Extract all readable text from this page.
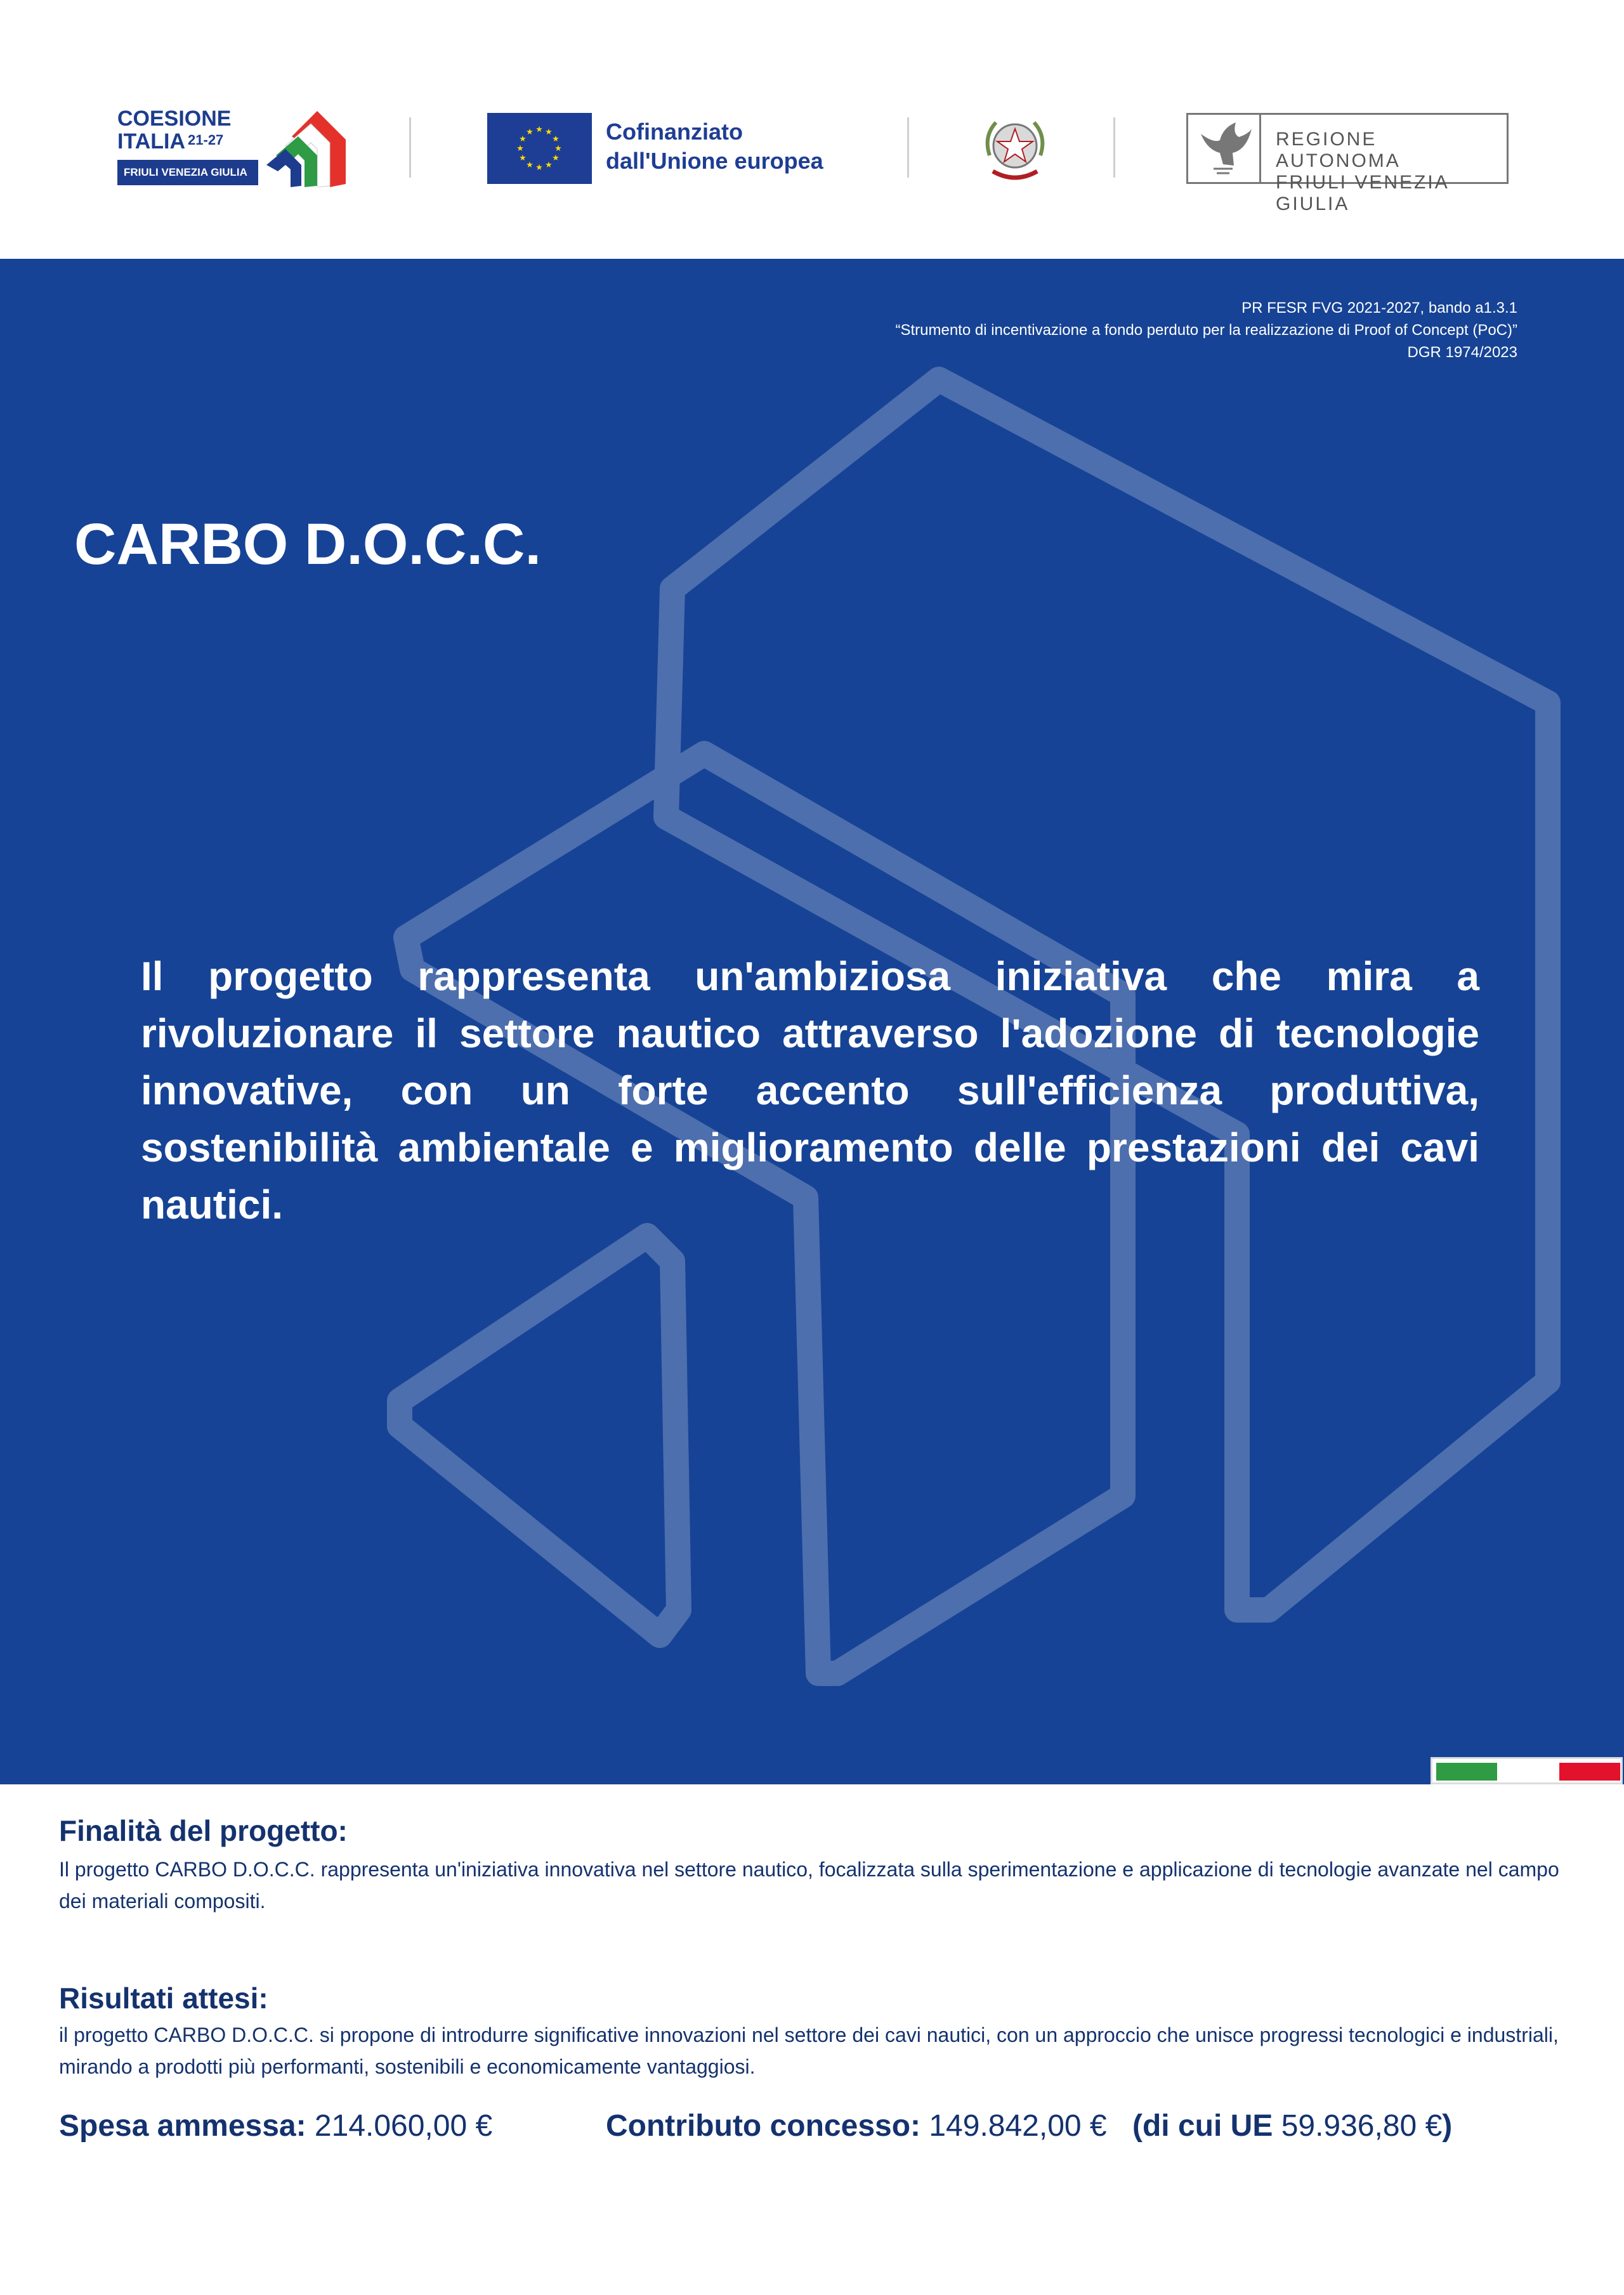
COESIONE
ITALIA 21-27
FRIULI VENEZIA GIULIA
★ ★
★
★
★
★
★
★
★
★
★
★	Cofinanziato
dall'Unione europea
REGIONE AUTONOMA
FRIULI VENEZIA GIULIA
PR FESR FVG 2021-2027, bando a1.3.1
“Strumento di incentivazione a fondo perduto per la realizzazione di Proof of Concept (PoC)”
DGR 1974/2023
CARBO D.O.C.C.

Il progetto rappresenta un'ambiziosa iniziativa che mira a rivoluzionare il settore nautico attraverso l'adozione di tecnologie innovative, con un forte accento sull'efficienza produttiva, sostenibilità ambientale e miglioramento delle prestazioni dei cavi nautici.

Finalità del progetto:

Il progetto CARBO D.O.C.C. rappresenta un'iniziativa innovativa nel settore nautico, focalizzata sulla sperimentazione e applicazione di tecnologie avanzate nel campo dei materiali compositi.

Risultati attesi:

il progetto CARBO D.O.C.C. si propone di introdurre significative innovazioni nel settore dei cavi nautici, con un approccio che unisce progressi tecnologici e industriali, mirando a prodotti più performanti, sostenibili e economicamente vantaggiosi.

Spesa ammessa: 214.060,00 €	Contributo concesso: 149.842,00 € (di cui UE 59.936,80 €)
